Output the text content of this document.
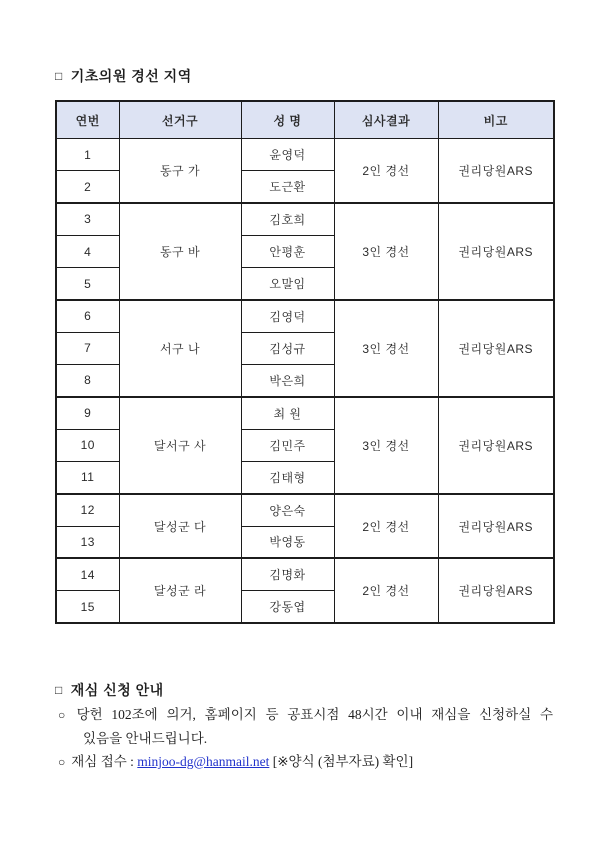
□ 기초의원 경선 지역
연번	선거구	성 명	심사결과	비고
1	동구 가	윤영덕	2인 경선	권리당원ARS
2		도근환		
3	동구 바	김호희	3인 경선	권리당원ARS
4		안평훈		
5		오말임		
6	서구 나	김영덕	3인 경선	권리당원ARS
7		김성규		
8		박은희		
9	달서구 사	최 원	3인 경선	권리당원ARS
10		김민주		
11		김태형		
12	달성군 다	양은숙	2인 경선	권리당원ARS
13		박영동		
14	달성군 라	김명화	2인 경선	권리당원ARS
15		강동엽		
□ 재심 신청 안내
○ 당헌 102조에 의거, 홈페이지 등 공표시점 48시간 이내 재심을 신청하실 수
있음을 안내드립니다.
○ 재심 접수 : minjoo-dg@hanmail.net [※양식 (첨부자료) 확인]
